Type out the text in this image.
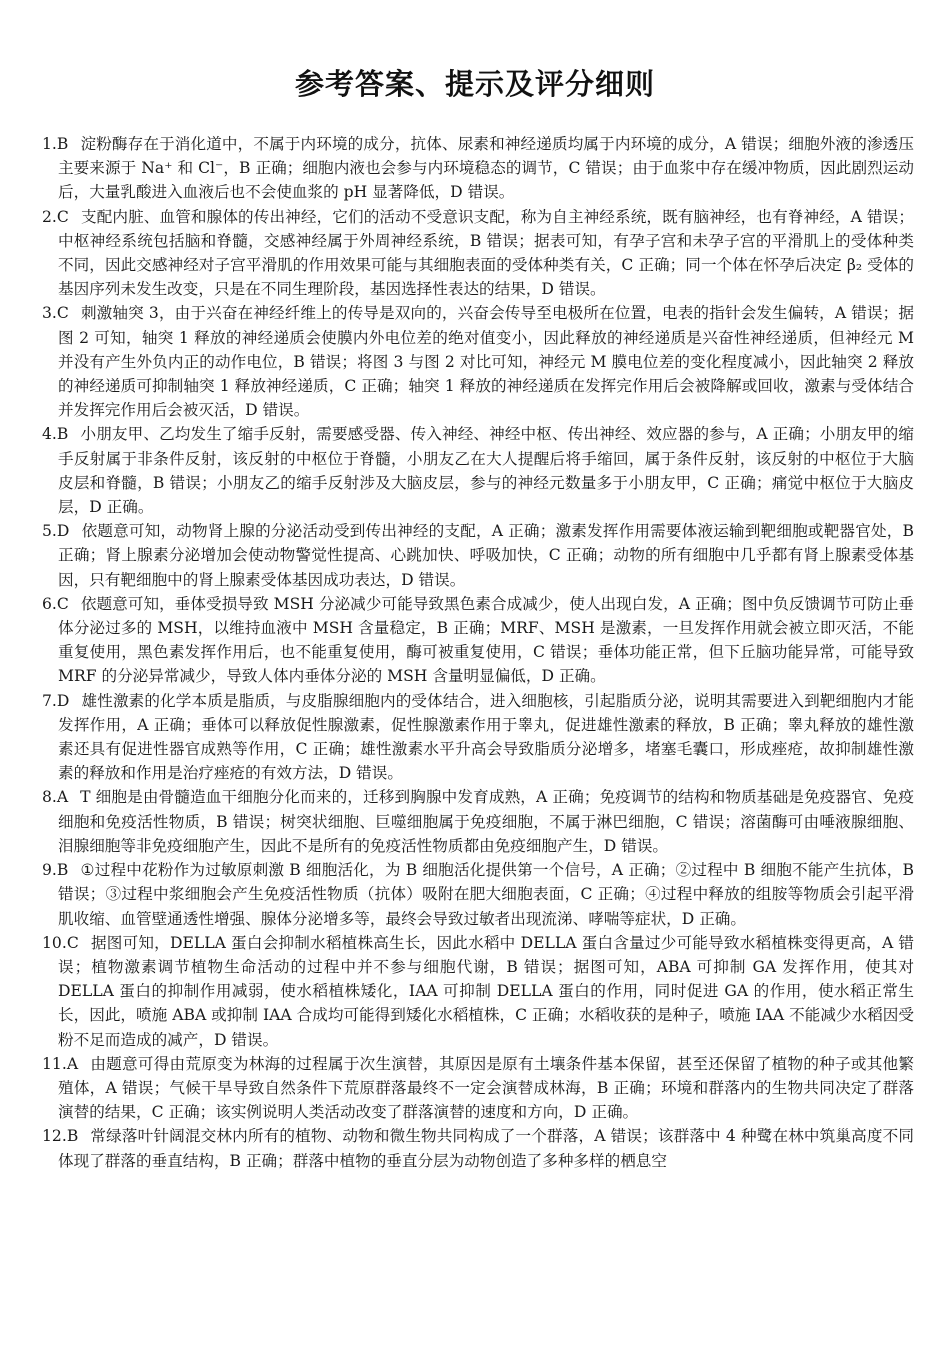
参考答案、提示及评分细则
1.B 淀粉酶存在于消化道中，不属于内环境的成分，抗体、尿素和神经递质均属于内环境的成分，A 错误；细胞外液的渗透压主要来源于 Na⁺ 和 Cl⁻，B 正确；细胞内液也会参与内环境稳态的调节，C 错误；由于血浆中存在缓冲物质，因此剧烈运动后，大量乳酸进入血液后也不会使血浆的 pH 显著降低，D 错误。
2.C 支配内脏、血管和腺体的传出神经，它们的活动不受意识支配，称为自主神经系统，既有脑神经，也有脊神经，A 错误；中枢神经系统包括脑和脊髓，交感神经属于外周神经系统，B 错误；据表可知，有孕子宫和未孕子宫的平滑肌上的受体种类不同，因此交感神经对子宫平滑肌的作用效果可能与其细胞表面的受体种类有关，C 正确；同一个体在怀孕后决定 β₂ 受体的基因序列未发生改变，只是在不同生理阶段，基因选择性表达的结果，D 错误。
3.C 刺激轴突 3，由于兴奋在神经纤维上的传导是双向的，兴奋会传导至电极所在位置，电表的指针会发生偏转，A 错误；据图 2 可知，轴突 1 释放的神经递质会使膜内外电位差的绝对值变小，因此释放的神经递质是兴奋性神经递质，但神经元 M 并没有产生外负内正的动作电位，B 错误；将图 3 与图 2 对比可知，神经元 M 膜电位差的变化程度减小，因此轴突 2 释放的神经递质可抑制轴突 1 释放神经递质，C 正确；轴突 1 释放的神经递质在发挥完作用后会被降解或回收，激素与受体结合并发挥完作用后会被灭活，D 错误。
4.B 小朋友甲、乙均发生了缩手反射，需要感受器、传入神经、神经中枢、传出神经、效应器的参与，A 正确；小朋友甲的缩手反射属于非条件反射，该反射的中枢位于脊髓，小朋友乙在大人提醒后将手缩回，属于条件反射，该反射的中枢位于大脑皮层和脊髓，B 错误；小朋友乙的缩手反射涉及大脑皮层，参与的神经元数量多于小朋友甲，C 正确；痛觉中枢位于大脑皮层，D 正确。
5.D 依题意可知，动物肾上腺的分泌活动受到传出神经的支配，A 正确；激素发挥作用需要体液运输到靶细胞或靶器官处，B 正确；肾上腺素分泌增加会使动物警觉性提高、心跳加快、呼吸加快，C 正确；动物的所有细胞中几乎都有肾上腺素受体基因，只有靶细胞中的肾上腺素受体基因成功表达，D 错误。
6.C 依题意可知，垂体受损导致 MSH 分泌减少可能导致黑色素合成减少，使人出现白发，A 正确；图中负反馈调节可防止垂体分泌过多的 MSH，以维持血液中 MSH 含量稳定，B 正确；MRF、MSH 是激素，一旦发挥作用就会被立即灭活，不能重复使用，黑色素发挥作用后，也不能重复使用，酶可被重复使用，C 错误；垂体功能正常，但下丘脑功能异常，可能导致 MRF 的分泌异常减少，导致人体内垂体分泌的 MSH 含量明显偏低，D 正确。
7.D 雄性激素的化学本质是脂质，与皮脂腺细胞内的受体结合，进入细胞核，引起脂质分泌，说明其需要进入到靶细胞内才能发挥作用，A 正确；垂体可以释放促性腺激素，促性腺激素作用于睾丸，促进雄性激素的释放，B 正确；睾丸释放的雄性激素还具有促进性器官成熟等作用，C 正确；雄性激素水平升高会导致脂质分泌增多，堵塞毛囊口，形成痤疮，故抑制雄性激素的释放和作用是治疗痤疮的有效方法，D 错误。
8.A T 细胞是由骨髓造血干细胞分化而来的，迁移到胸腺中发育成熟，A 正确；免疫调节的结构和物质基础是免疫器官、免疫细胞和免疫活性物质，B 错误；树突状细胞、巨噬细胞属于免疫细胞，不属于淋巴细胞，C 错误；溶菌酶可由唾液腺细胞、泪腺细胞等非免疫细胞产生，因此不是所有的免疫活性物质都由免疫细胞产生，D 错误。
9.B ①过程中花粉作为过敏原刺激 B 细胞活化，为 B 细胞活化提供第一个信号，A 正确；②过程中 B 细胞不能产生抗体，B 错误；③过程中浆细胞会产生免疫活性物质（抗体）吸附在肥大细胞表面，C 正确；④过程中释放的组胺等物质会引起平滑肌收缩、血管壁通透性增强、腺体分泌增多等，最终会导致过敏者出现流涕、哮喘等症状，D 正确。
10.C 据图可知，DELLA 蛋白会抑制水稻植株高生长，因此水稻中 DELLA 蛋白含量过少可能导致水稻植株变得更高，A 错误；植物激素调节植物生命活动的过程中并不参与细胞代谢，B 错误；据图可知，ABA 可抑制 GA 发挥作用，使其对 DELLA 蛋白的抑制作用减弱，使水稻植株矮化，IAA 可抑制 DELLA 蛋白的作用，同时促进 GA 的作用，使水稻正常生长，因此，喷施 ABA 或抑制 IAA 合成均可能得到矮化水稻植株，C 正确；水稻收获的是种子，喷施 IAA 不能减少水稻因受粉不足而造成的减产，D 错误。
11.A 由题意可得由荒原变为林海的过程属于次生演替，其原因是原有土壤条件基本保留，甚至还保留了植物的种子或其他繁殖体，A 错误；气候干旱导致自然条件下荒原群落最终不一定会演替成林海，B 正确；环境和群落内的生物共同决定了群落演替的结果，C 正确；该实例说明人类活动改变了群落演替的速度和方向，D 正确。
12.B 常绿落叶针阔混交林内所有的植物、动物和微生物共同构成了一个群落，A 错误；该群落中 4 种鹭在林中筑巢高度不同体现了群落的垂直结构，B 正确；群落中植物的垂直分层为动物创造了多种多样的栖息空
